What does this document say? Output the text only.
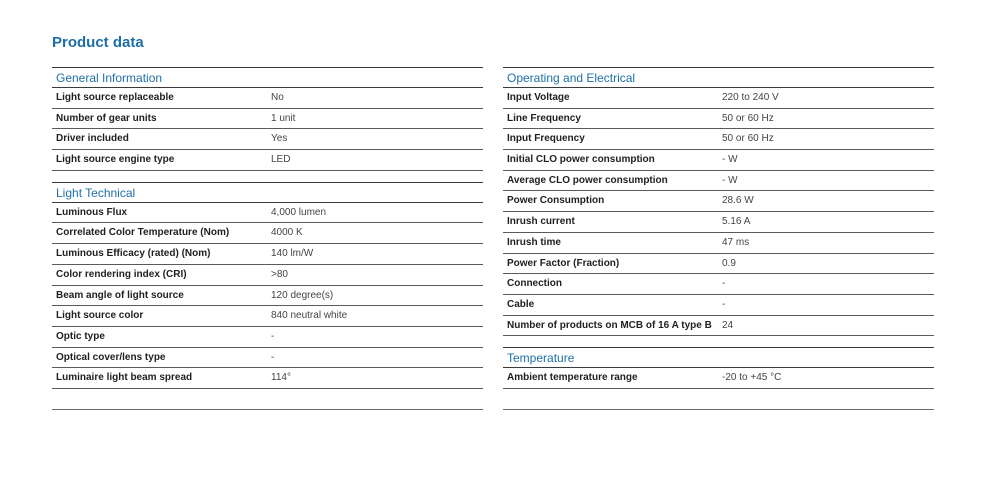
Product data
General Information
Light source replaceable	No
Number of gear units	1 unit
Driver included	Yes
Light source engine type	LED
Light Technical
Luminous Flux	4,000 lumen
Correlated Color Temperature (Nom)	4000 K
Luminous Efficacy (rated) (Nom)	140 lm/W
Color rendering index (CRI)	>80
Beam angle of light source	120 degree(s)
Light source color	840 neutral white
Optic type	-
Optical cover/lens type	-
Luminaire light beam spread	114°
Operating and Electrical
Input Voltage	220 to 240 V
Line Frequency	50 or 60 Hz
Input Frequency	50 or 60 Hz
Initial CLO power consumption	- W
Average CLO power consumption	- W
Power Consumption	28.6 W
Inrush current	5.16 A
Inrush time	47 ms
Power Factor (Fraction)	0.9
Connection	-
Cable	-
Number of products on MCB of 16 A type B	24
Temperature
Ambient temperature range	-20 to +45 °C
